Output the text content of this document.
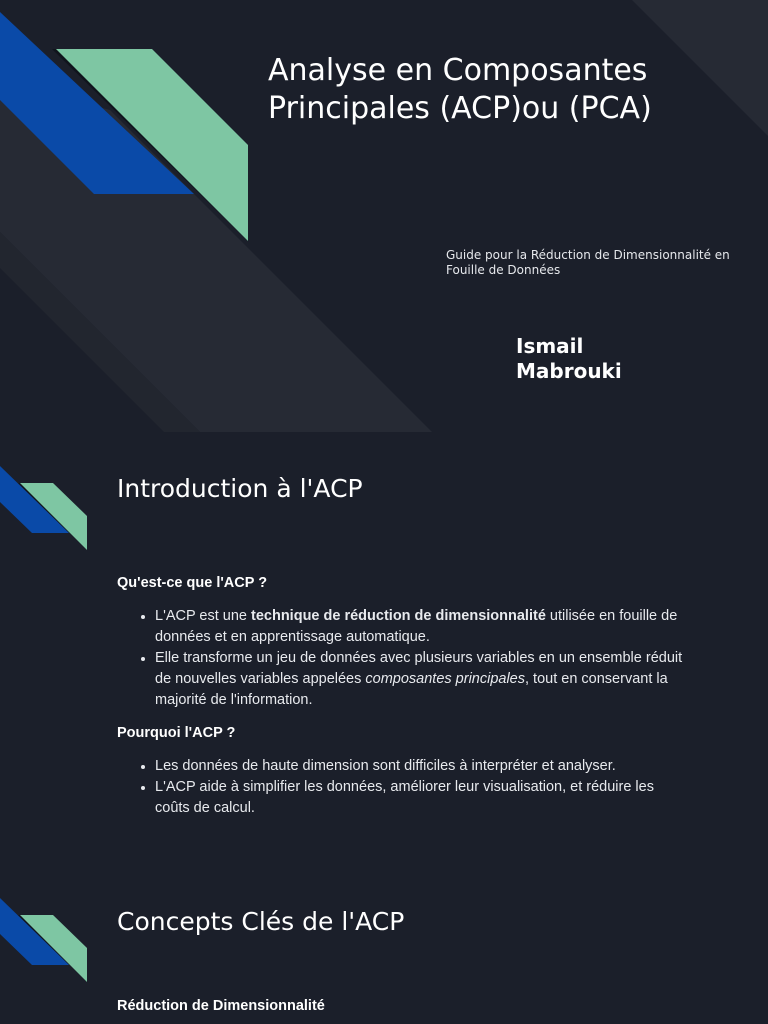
Analyse en Composantes Principales (ACP)ou (PCA)
Guide pour la Réduction de Dimensionnalité en Fouille de Données
Ismail Mabrouki
Introduction à l'ACP

Qu'est-ce que l'ACP ?

• L'ACP est une technique de réduction de dimensionnalité utilisée en fouille de données et en apprentissage automatique.
• Elle transforme un jeu de données avec plusieurs variables en un ensemble réduit de nouvelles variables appelées composantes principales, tout en conservant la majorité de l'information.

Pourquoi l'ACP ?

• Les données de haute dimension sont difficiles à interpréter et analyser.
• L'ACP aide à simplifier les données, améliorer leur visualisation, et réduire les coûts de calcul.
Concepts Clés de l'ACP

Réduction de Dimensionnalité
